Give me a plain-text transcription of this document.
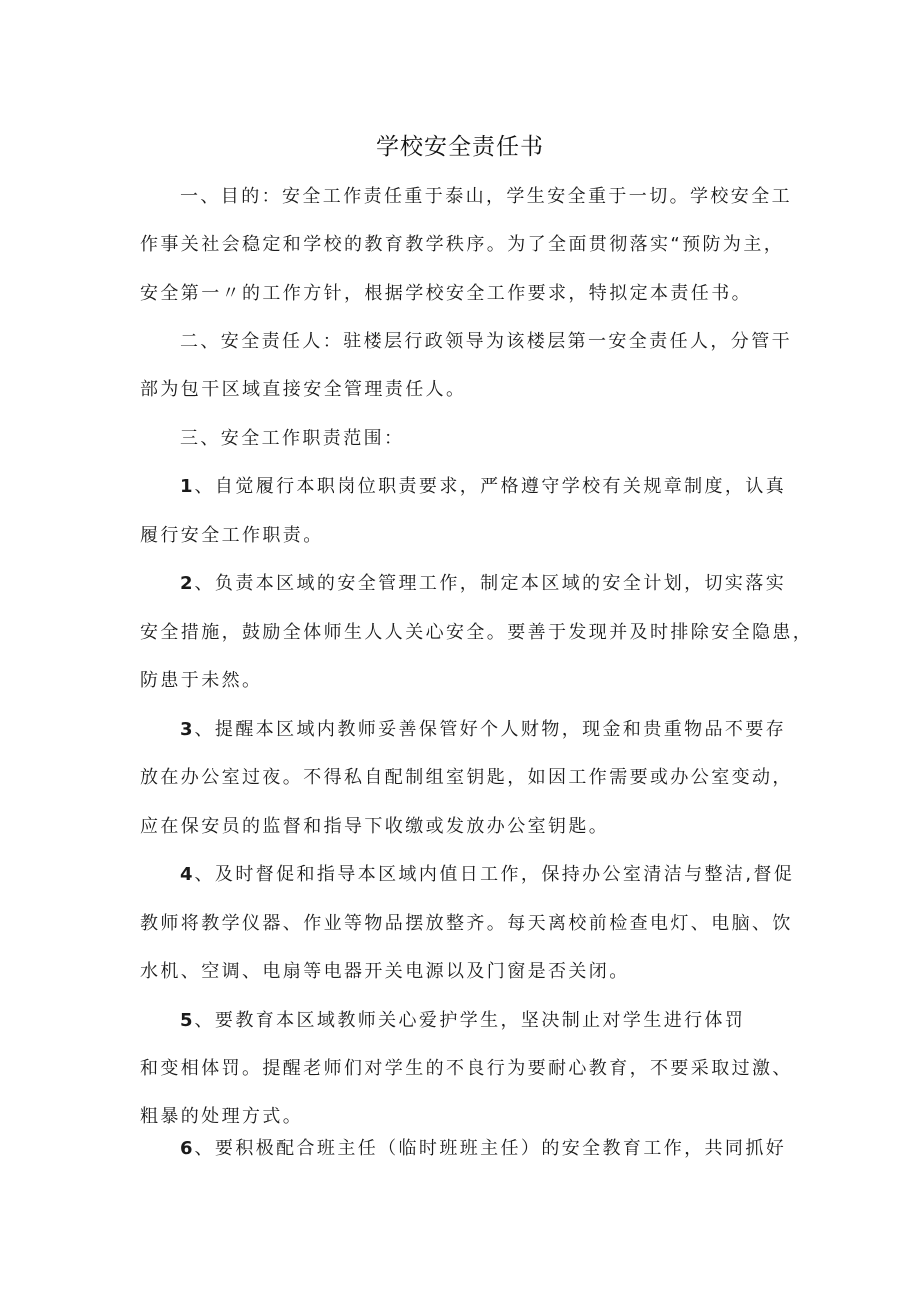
学校安全责任书
一、目的：安全工作责任重于泰山，学生安全重于一切。学校安全工
作事关社会稳定和学校的教育教学秩序。为了全面贯彻落实“预防为主，
安全第一〃的工作方针，根据学校安全工作要求，特拟定本责任书。
二、安全责任人：驻楼层行政领导为该楼层第一安全责任人，分管干
部为包干区域直接安全管理责任人。
三、安全工作职责范围：
1 、自觉履行本职岗位职责要求，严格遵守学校有关规章制度，认真
履行安全工作职责。
2 、负责本区域的安全管理工作，制定本区域的安全计划，切实落实
安全措施，鼓励全体师生人人关心安全。要善于发现并及时排除安全隐患，
防患于未然。
3 、提醒本区域内教师妥善保管好个人财物，现金和贵重物品不要存
放在办公室过夜。不得私自配制组室钥匙，如因工作需要或办公室变动，
应在保安员的监督和指导下收缴或发放办公室钥匙。
4 、及时督促和指导本区域内值日工作，保持办公室清洁与整洁,督促
教师将教学仪器、作业等物品摆放整齐。每天离校前检查电灯、电脑、饮
水机、空调、电扇等电器开关电源以及门窗是否关闭。
5 、要教育本区域教师关心爱护学生，坚决制止对学生进行体罚
和变相体罚。提醒老师们对学生的不良行为要耐心教育，不要采取过激、
粗暴的处理方式。
6 、要积极配合班主任（临时班班主任）的安全教育工作，共同抓好
